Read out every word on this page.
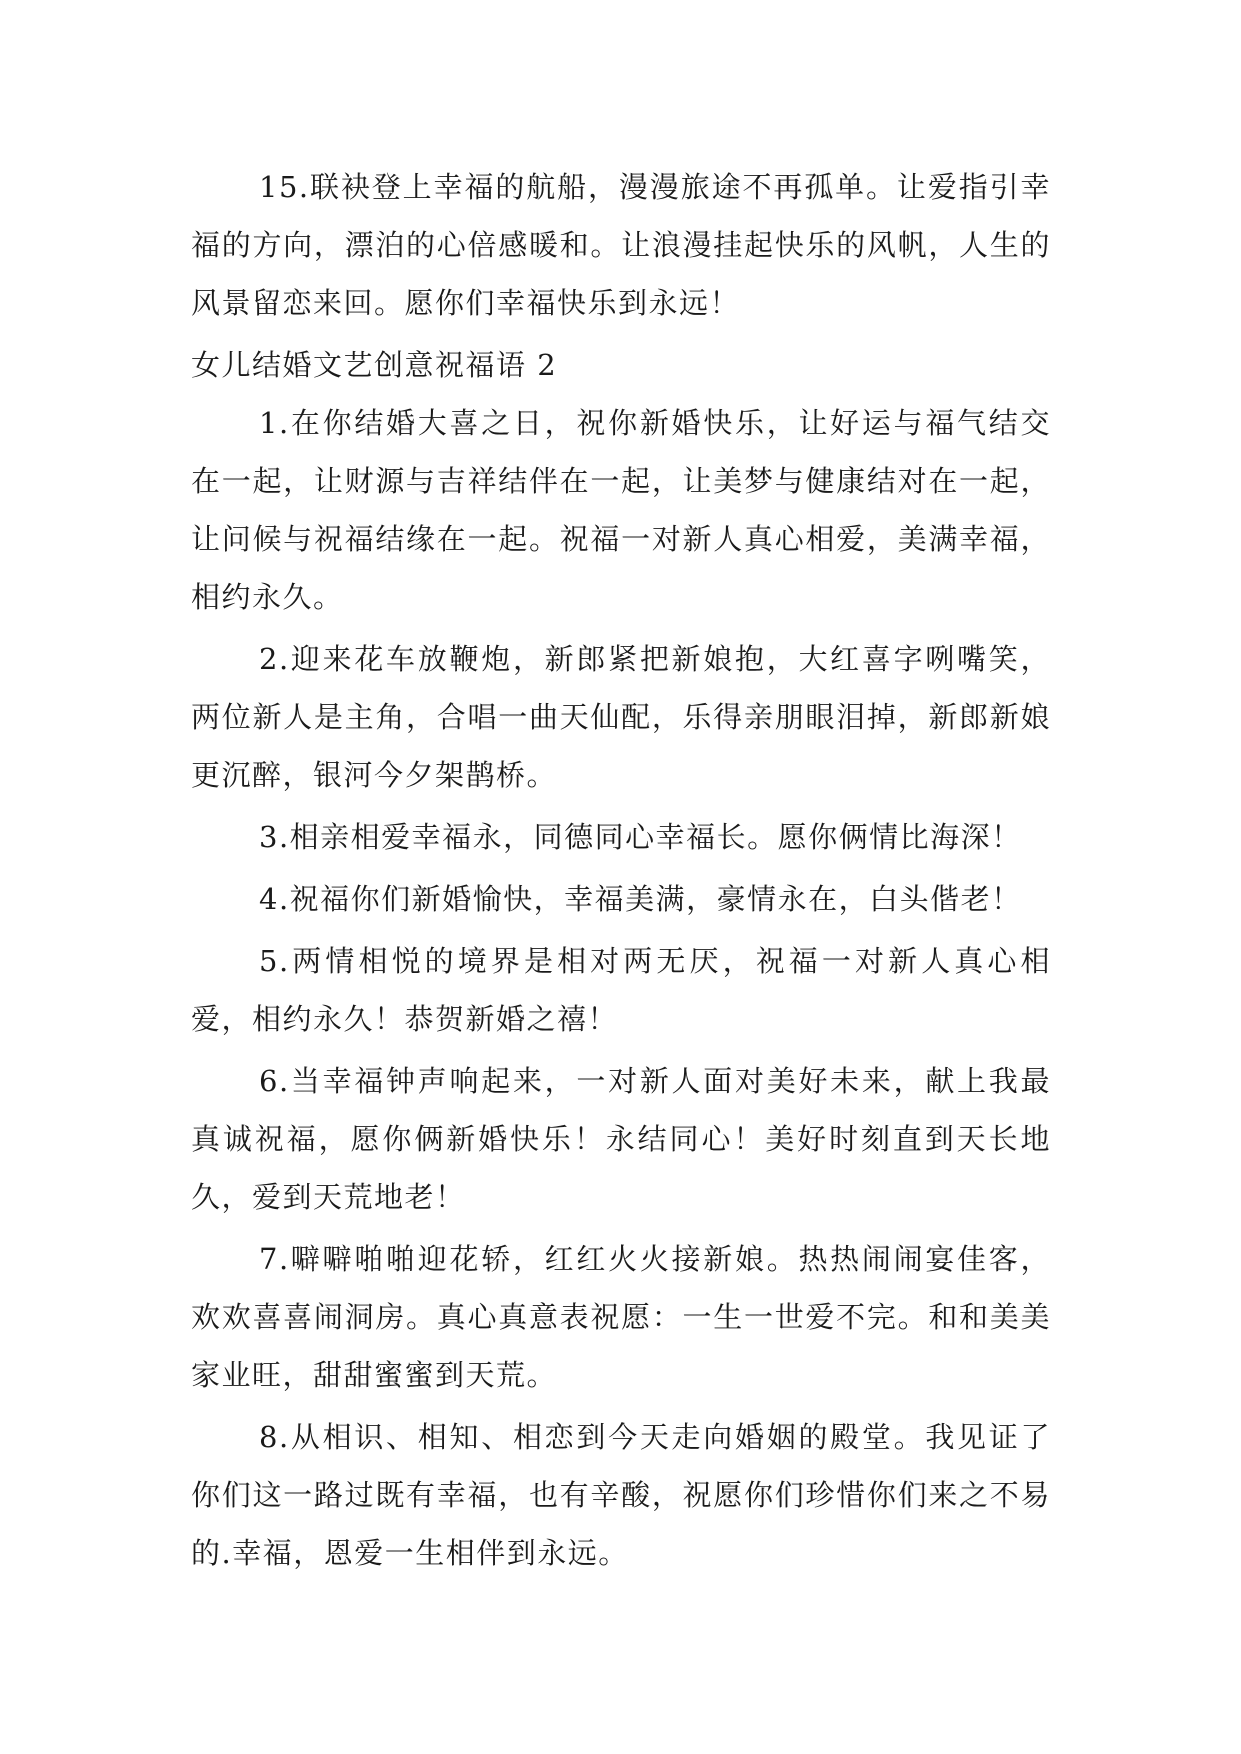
15.联袂登上幸福的航船，漫漫旅途不再孤单。让爱指引幸福的方向，漂泊的心倍感暖和。让浪漫挂起快乐的风帆，人生的风景留恋来回。愿你们幸福快乐到永远！

女儿结婚文艺创意祝福语 2

1.在你结婚大喜之日，祝你新婚快乐，让好运与福气结交在一起，让财源与吉祥结伴在一起，让美梦与健康结对在一起，让问候与祝福结缘在一起。祝福一对新人真心相爱，美满幸福，相约永久。

2.迎来花车放鞭炮，新郎紧把新娘抱，大红喜字咧嘴笑，两位新人是主角，合唱一曲天仙配，乐得亲朋眼泪掉，新郎新娘更沉醉，银河今夕架鹊桥。

3.相亲相爱幸福永，同德同心幸福长。愿你俩情比海深！

4.祝福你们新婚愉快，幸福美满，豪情永在，白头偕老！

5.两情相悦的境界是相对两无厌，祝福一对新人真心相爱，相约永久！恭贺新婚之禧！

6.当幸福钟声响起来，一对新人面对美好未来，献上我最真诚祝福，愿你俩新婚快乐！永结同心！美好时刻直到天长地久，爱到天荒地老！

7.噼噼啪啪迎花轿，红红火火接新娘。热热闹闹宴佳客，欢欢喜喜闹洞房。真心真意表祝愿：一生一世爱不完。和和美美家业旺，甜甜蜜蜜到天荒。

8.从相识、相知、相恋到今天走向婚姻的殿堂。我见证了你们这一路过既有幸福，也有辛酸，祝愿你们珍惜你们来之不易的.幸福，恩爱一生相伴到永远。
